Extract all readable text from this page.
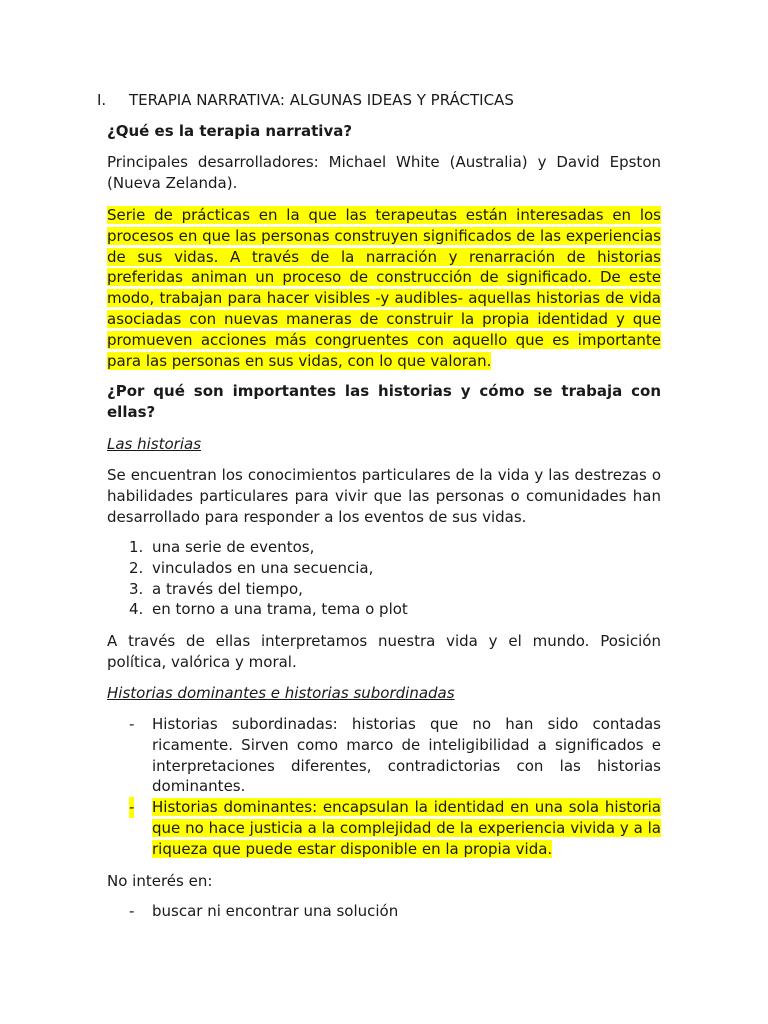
I. TERAPIA NARRATIVA: ALGUNAS IDEAS Y PRÁCTICAS

¿Qué es la terapia narrativa?

Principales desarrolladores: Michael White (Australia) y David Epston (Nueva Zelanda).

Serie de prácticas en la que las terapeutas están interesadas en los procesos en que las personas construyen significados de las experiencias de sus vidas. A través de la narración y renarración de historias preferidas animan un proceso de construcción de significado. De este modo, trabajan para hacer visibles -y audibles- aquellas historias de vida asociadas con nuevas maneras de construir la propia identidad y que promueven acciones más congruentes con aquello que es importante para las personas en sus vidas, con lo que valoran.

¿Por qué son importantes las historias y cómo se trabaja con ellas?

Las historias

Se encuentran los conocimientos particulares de la vida y las destrezas o habilidades particulares para vivir que las personas o comunidades han desarrollado para responder a los eventos de sus vidas.

1. una serie de eventos,
2. vinculados en una secuencia,
3. a través del tiempo,
4. en torno a una trama, tema o plot

A través de ellas interpretamos nuestra vida y el mundo. Posición política, valórica y moral.

Historias dominantes e historias subordinadas

- Historias subordinadas: historias que no han sido contadas ricamente. Sirven como marco de inteligibilidad a significados e interpretaciones diferentes, contradictorias con las historias dominantes.
- Historias dominantes: encapsulan la identidad en una sola historia que no hace justicia a la complejidad de la experiencia vivida y a la riqueza que puede estar disponible en la propia vida.

No interés en:

- buscar ni encontrar una solución
